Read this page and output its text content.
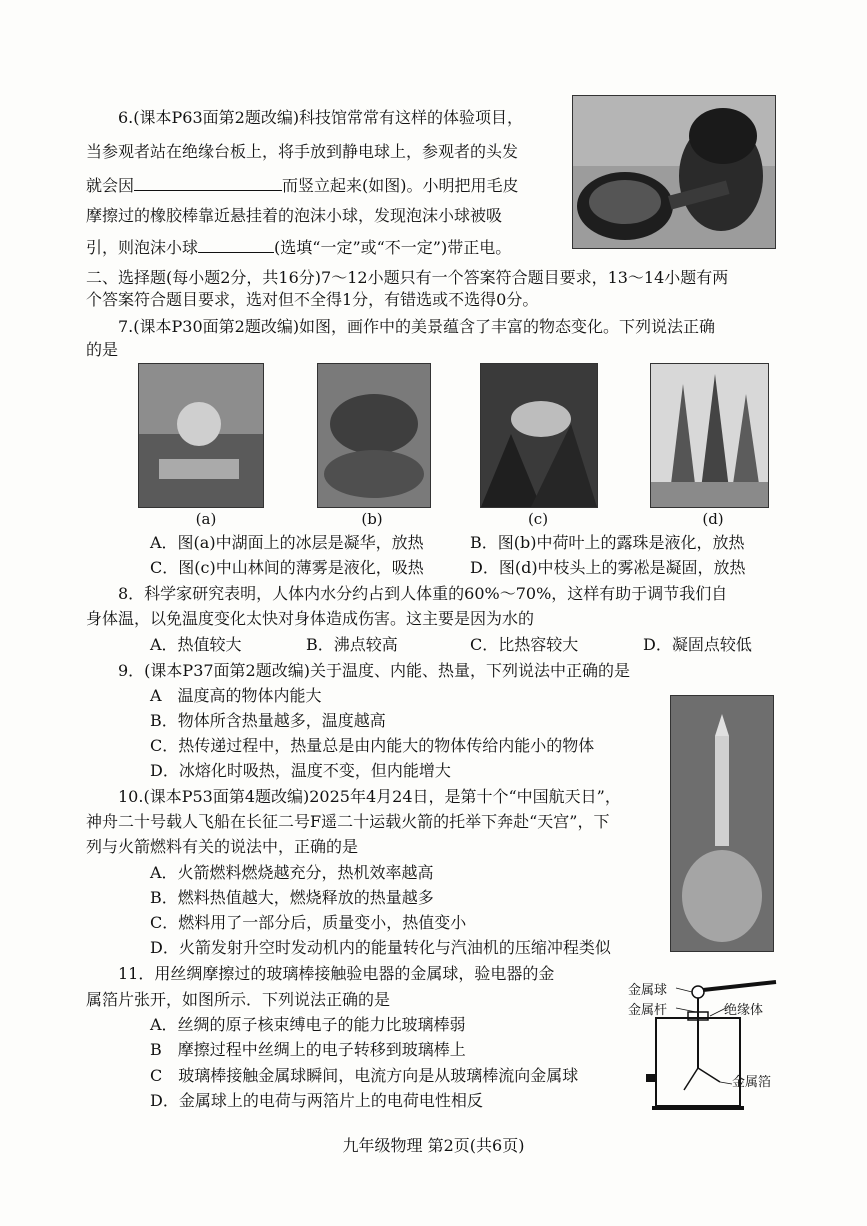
6.(课本P63面第2题改编)科技馆常常有这样的体验项目，
当参观者站在绝缘台板上，将手放到静电球上，参观者的头发
就会因	而竖立起来(如图)。小明把用毛皮
摩擦过的橡胶棒靠近悬挂着的泡沫小球，发现泡沫小球被吸
引，则泡沫小球	(选填“一定”或“不一定”)带正电。
二、选择题(每小题2分，共16分)7～12小题只有一个答案符合题目要求，13～14小题有两
个答案符合题目要求，选对但不全得1分，有错选或不选得0分。
7.(课本P30面第2题改编)如图，画作中的美景蕴含了丰富的物态变化。下列说法正确
的是
(a)	(b)	(c)	(d)
A．图(a)中湖面上的冰层是凝华，放热	B．图(b)中荷叶上的露珠是液化，放热
C．图(c)中山林间的薄雾是液化，吸热	D．图(d)中枝头上的雾凇是凝固，放热
8．科学家研究表明，人体内水分约占到人体重的60%～70%，这样有助于调节我们自
身体温，以免温度变化太快对身体造成伤害。这主要是因为水的
A．热值较大	B．沸点较高	C．比热容较大	D．凝固点较低
9．(课本P37面第2题改编)关于温度、内能、热量，下列说法中正确的是
A　温度高的物体内能大
B．物体所含热量越多，温度越高
C．热传递过程中，热量总是由内能大的物体传给内能小的物体
D．冰熔化时吸热，温度不变，但内能增大
10.(课本P53面第4题改编)2025年4月24日，是第十个“中国航天日”，
神舟二十号载人飞船在长征二号F遥二十运载火箭的托举下奔赴“天宫”，下
列与火箭燃料有关的说法中，正确的是
A．火箭燃料燃烧越充分，热机效率越高
B．燃料热值越大，燃烧释放的热量越多
C．燃料用了一部分后，质量变小，热值变小
D．火箭发射升空时发动机内的能量转化与汽油机的压缩冲程类似
11．用丝绸摩擦过的玻璃棒接触验电器的金属球，验电器的金
属箔片张开，如图所示．下列说法正确的是
A．丝绸的原子核束缚电子的能力比玻璃棒弱
B　摩擦过程中丝绸上的电子转移到玻璃棒上
C　玻璃棒接触金属球瞬间，电流方向是从玻璃棒流向金属球
D．金属球上的电荷与两箔片上的电荷电性相反
金属球
金属杆	绝缘体
金属箔
九年级物理 第2页(共6页)
